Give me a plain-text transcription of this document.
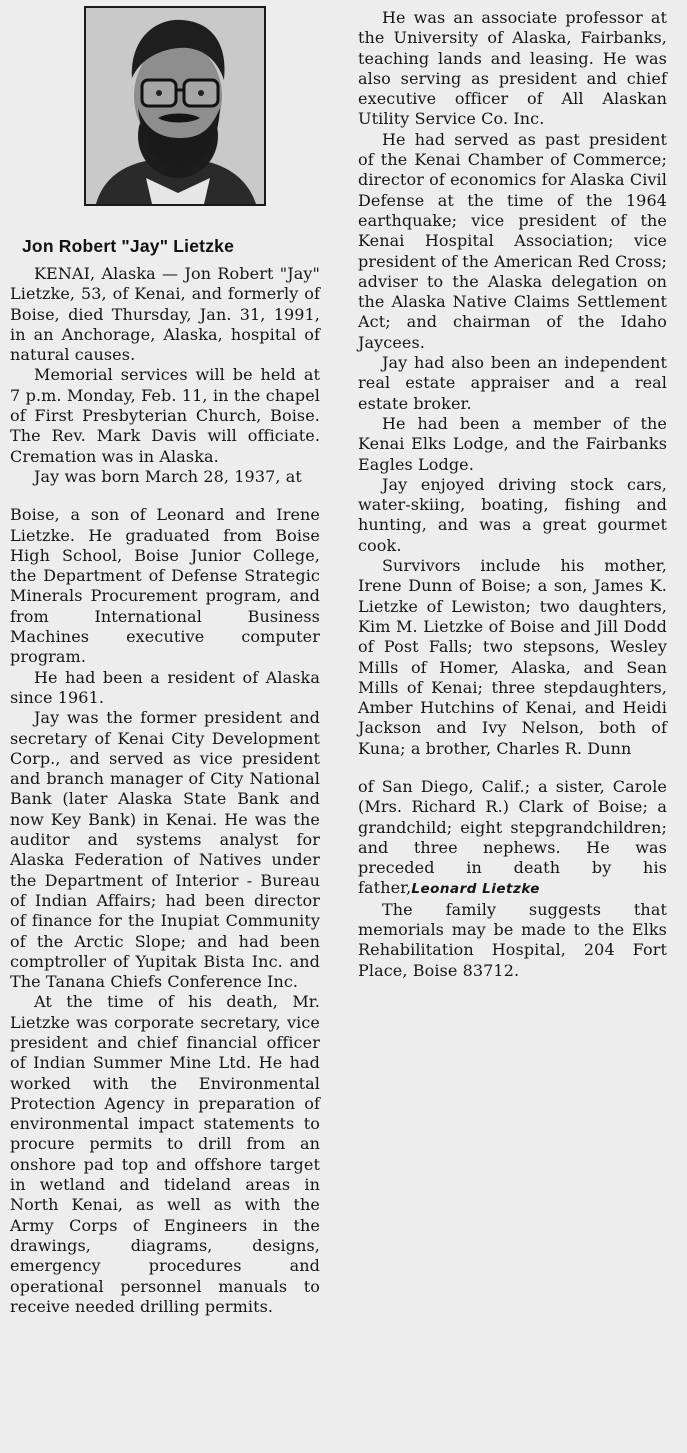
Jon Robert "Jay" Lietzke

KENAI, Alaska — Jon Robert "Jay" Lietzke, 53, of Kenai, and formerly of Boise, died Thursday, Jan. 31, 1991, in an Anchorage, Alaska, hospital of natural causes.

Memorial services will be held at 7 p.m. Monday, Feb. 11, in the chapel of First Presbyterian Church, Boise. The Rev. Mark Davis will officiate. Cremation was in Alaska.

Jay was born March 28, 1937, at

Boise, a son of Leonard and Irene Lietzke. He graduated from Boise High School, Boise Junior College, the Department of Defense Strategic Minerals Procurement program, and from International Business Machines executive computer program.

He had been a resident of Alaska since 1961.

Jay was the former president and secretary of Kenai City Development Corp., and served as vice president and branch manager of City National Bank (later Alaska State Bank and now Key Bank) in Kenai. He was the auditor and systems analyst for Alaska Federation of Natives under the Department of Interior - Bureau of Indian Affairs; had been director of finance for the Inupiat Community of the Arctic Slope; and had been comptroller of Yupitak Bista Inc. and The Tanana Chiefs Conference Inc.

At the time of his death, Mr. Lietzke was corporate secretary, vice president and chief financial officer of Indian Summer Mine Ltd. He had worked with the Environmental Protection Agency in preparation of environmental impact statements to procure permits to drill from an onshore pad top and offshore target in wetland and tideland areas in North Kenai, as well as with the Army Corps of Engineers in the drawings, diagrams, designs, emergency procedures and operational personnel manuals to receive needed drilling permits.

He was an associate professor at the University of Alaska, Fairbanks, teaching lands and leasing. He was also serving as president and chief executive officer of All Alaskan Utility Service Co. Inc.

He had served as past president of the Kenai Chamber of Commerce; director of economics for Alaska Civil Defense at the time of the 1964 earthquake; vice president of the Kenai Hospital Association; vice president of the American Red Cross; adviser to the Alaska delegation on the Alaska Native Claims Settlement Act; and chairman of the Idaho Jaycees.

Jay had also been an independent real estate appraiser and a real estate broker.

He had been a member of the Kenai Elks Lodge, and the Fairbanks Eagles Lodge.

Jay enjoyed driving stock cars, water-skiing, boating, fishing and hunting, and was a great gourmet cook.

Survivors include his mother, Irene Dunn of Boise; a son, James K. Lietzke of Lewiston; two daughters, Kim M. Lietzke of Boise and Jill Dodd of Post Falls; two stepsons, Wesley Mills of Homer, Alaska, and Sean Mills of Kenai; three stepdaughters, Amber Hutchins of Kenai, and Heidi Jackson and Ivy Nelson, both of Kuna; a brother, Charles R. Dunn

of San Diego, Calif.; a sister, Carole (Mrs. Richard R.) Clark of Boise; a grandchild; eight stepgrandchildren; and three nephews. He was preceded in death by his father,Leonard Lietzke

The family suggests that memorials may be made to the Elks Rehabilitation Hospital, 204 Fort Place, Boise 83712.
